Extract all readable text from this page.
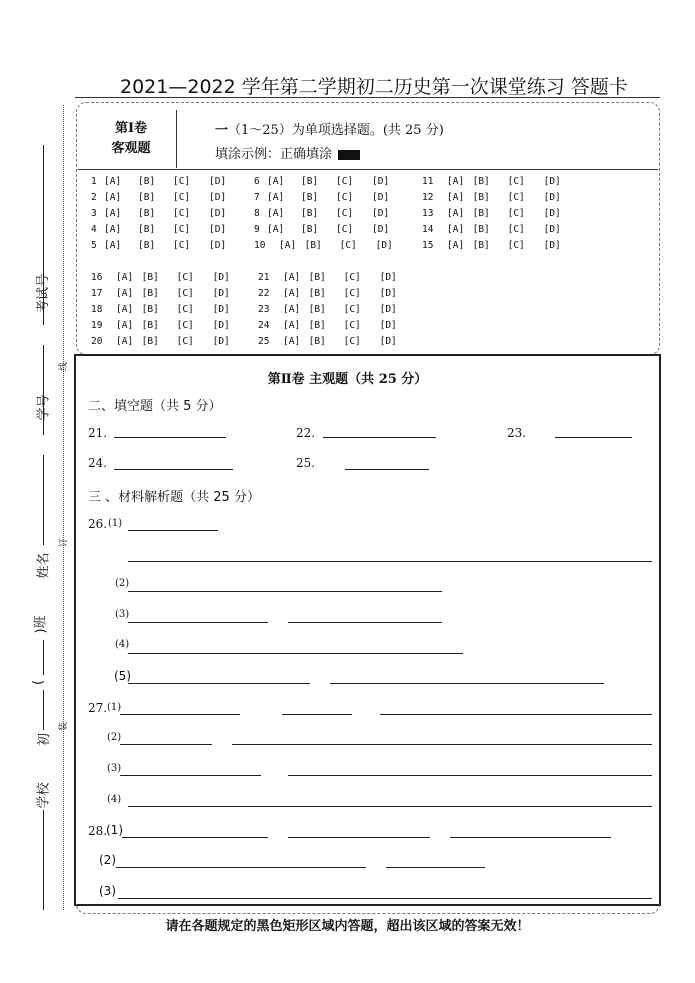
2021—2022 学年第二学期初二历史第一次课堂练习 答题卡
考试号
学号
姓名
)班
(
初
学校
线
订
装
第Ⅰ卷
客观题
一（1～25）为单项选择题。(共 25 分)
填涂示例：正确填涂
1 [A] [B] [C] [D]
2 [A] [B] [C] [D]
3 [A] [B] [C] [D]
4 [A] [B] [C] [D]
5 [A] [B] [C] [D]
6 [A] [B] [C] [D]
7 [A] [B] [C] [D]
8 [A] [B] [C] [D]
9 [A] [B] [C] [D]
10 [A] [B] [C] [D]
11 [A] [B] [C] [D]
12 [A] [B] [C] [D]
13 [A] [B] [C] [D]
14 [A] [B] [C] [D]
15 [A] [B] [C] [D]
16 [A] [B] [C] [D]
17 [A] [B] [C] [D]
18 [A] [B] [C] [D]
19 [A] [B] [C] [D]
20 [A] [B] [C] [D]
21 [A] [B] [C] [D]
22 [A] [B] [C] [D]
23 [A] [B] [C] [D]
24 [A] [B] [C] [D]
25 [A] [B] [C] [D]
第Ⅱ卷 主观题（共 25 分）
二、填空题（共 5 分）
21.	22.	23.
24.	25.
三 、材料解析题（共 25 分）
26. (1)
(2)
(3)
(4)
(5)
27. (1)
(2)
(3)
(4)
28.
(1)
(2)
(3)
请在各题规定的黑色矩形区域内答题，超出该区域的答案无效！
